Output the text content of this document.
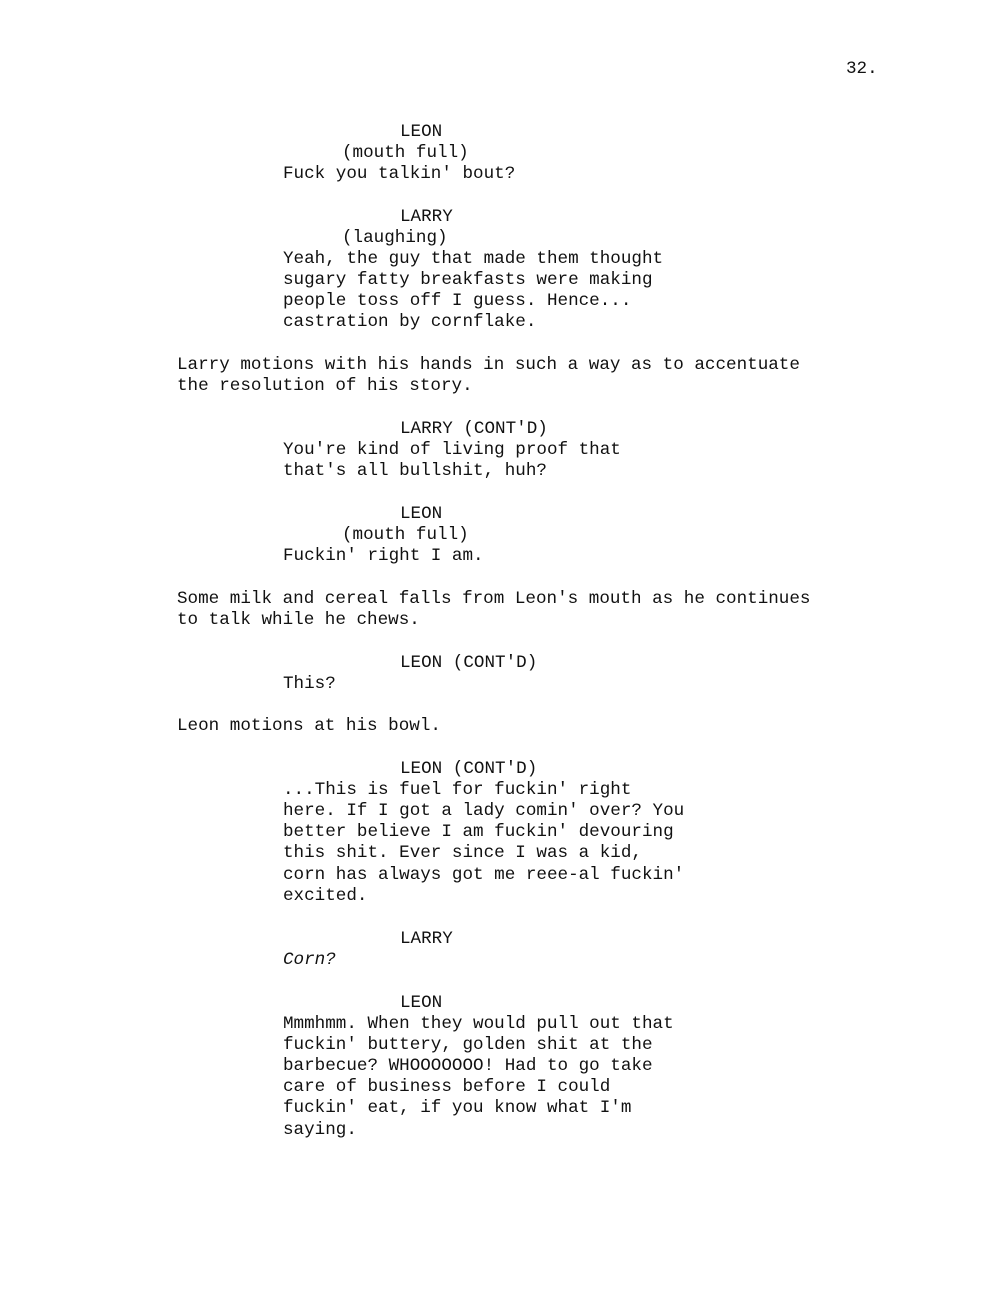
32.
LEON
(mouth full)
Fuck you talkin' bout?
LARRY
(laughing)
Yeah, the guy that made them thought
sugary fatty breakfasts were making
people toss off I guess. Hence...
castration by cornflake.
Larry motions with his hands in such a way as to accentuate
the resolution of his story.
LARRY (CONT'D)
You're kind of living proof that
that's all bullshit, huh?
LEON
(mouth full)
Fuckin' right I am.
Some milk and cereal falls from Leon's mouth as he continues
to talk while he chews.
LEON (CONT'D)
This?
Leon motions at his bowl.
LEON (CONT'D)
...This is fuel for fuckin' right
here. If I got a lady comin' over? You
better believe I am fuckin' devouring
this shit. Ever since I was a kid,
corn has always got me reee-al fuckin'
excited.
LARRY
Corn?
LEON
Mmmhmm. When they would pull out that
fuckin' buttery, golden shit at the
barbecue? WHOOOOOOO! Had to go take
care of business before I could
fuckin' eat, if you know what I'm
saying.
